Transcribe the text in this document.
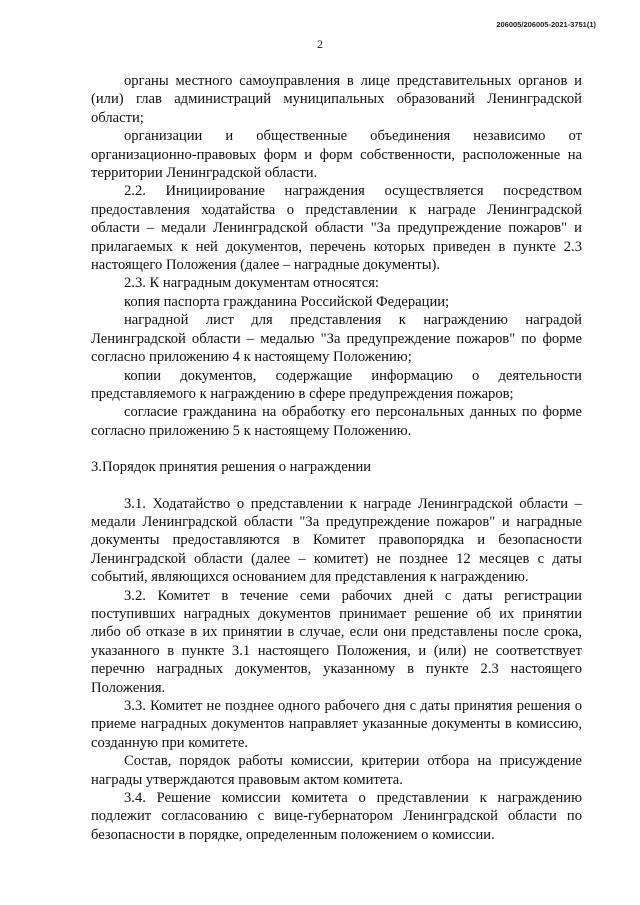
206005/206005-2021-3751(1)
2

органы местного самоуправления в лице представительных органов и (или) глав администраций муниципальных образований Ленинградской области;

организации и общественные объединения независимо от организационно-правовых форм и форм собственности, расположенные на территории Ленинградской области.

2.2. Инициирование награждения осуществляется посредством предоставления ходатайства о представлении к награде Ленинградской области – медали Ленинградской области "За предупреждение пожаров" и прилагаемых к ней документов, перечень которых приведен в пункте 2.3 настоящего Положения (далее – наградные документы).

2.3. К наградным документам относятся:

копия паспорта гражданина Российской Федерации;

наградной лист для представления к награждению наградой Ленинградской области – медалью "За предупреждение пожаров" по форме согласно приложению 4 к настоящему Положению;

копии документов, содержащие информацию о деятельности представляемого к награждению в сфере предупреждения пожаров;

согласие гражданина на обработку его персональных данных по форме согласно приложению 5 к настоящему Положению.

3.Порядок принятия решения о награждении

3.1. Ходатайство о представлении к награде Ленинградской области – медали Ленинградской области "За предупреждение пожаров" и наградные документы предоставляются в Комитет правопорядка и безопасности Ленинградской области (далее – комитет) не позднее 12 месяцев с даты событий, являющихся основанием для представления к награждению.

3.2. Комитет в течение семи рабочих дней с даты регистрации поступивших наградных документов принимает решение об их принятии либо об отказе в их принятии в случае, если они представлены после срока, указанного в пункте 3.1 настоящего Положения, и (или) не соответствует перечню наградных документов, указанному в пункте 2.3 настоящего Положения.

3.3. Комитет не позднее одного рабочего дня с даты принятия решения о приеме наградных документов направляет указанные документы в комиссию, созданную при комитете.

Состав, порядок работы комиссии, критерии отбора на присуждение награды утверждаются правовым актом комитета.

3.4. Решение комиссии комитета о представлении к награждению подлежит согласованию с вице-губернатором Ленинградской области по безопасности в порядке, определенным положением о комиссии.
